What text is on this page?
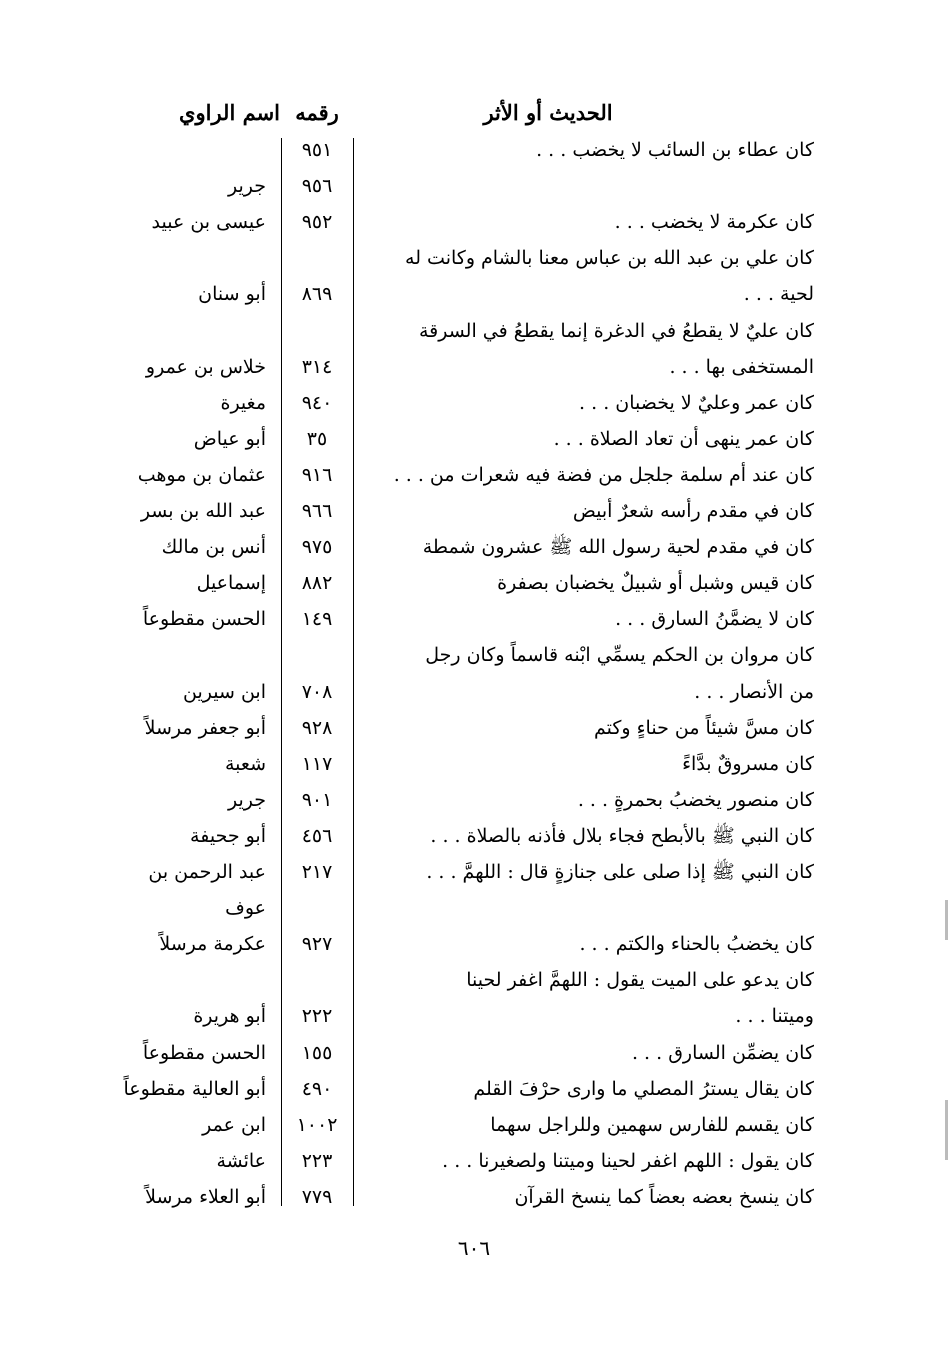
الحديث أو الأثر
رقمه
اسم الراوي
كان عطاء بن السائب لا يخضب . . .
٩٥١
٩٥٦
جرير
كان عكرمة لا يخضب . . .
٩٥٢
عيسى بن عبيد
كان علي بن عبد الله بن عباس معنا بالشام وكانت له
لحية . . .
٨٦٩
أبو سنان
كان عليٌ لا يقطعُ في الدغرة إنما يقطعُ في السرقة
المستخفى بها . . .
٣١٤
خلاس بن عمرو
كان عمر وعليٌ لا يخضبان . . .
٩٤٠
مغيرة
كان عمر ينهى أن تعاد الصلاة . . .
٣٥
أبو عياض
كان عند أم سلمة جلجل من فضة فيه شعرات من . . .
٩١٦
عثمان بن موهب
كان في مقدم رأسه شعرٌ أبيض
٩٦٦
عبد الله بن بسر
كان في مقدم لحية رسول الله ﷺ عشرون شمطة
٩٧٥
أنس بن مالك
كان قيس وشبل أو شبيلٌ يخضبان بصفرة
٨٨٢
إسماعيل
كان لا يضمَّنُ السارق . . .
١٤٩
الحسن مقطوعاً
كان مروان بن الحكم يسمِّي ابْنه قاسماً وكان رجل
من الأنصار . . .
٧٠٨
ابن سيرين
كان مسَّ شيئاً من حناءٍ وكتم
٩٢٨
أبو جعفر مرسلاً
كان مسروقٌ بدَّاءً
١١٧
شعبة
كان منصور يخضبُ بحمرةٍ . . .
٩٠١
جرير
كان النبي ﷺ بالأبطح فجاء بلال فأذنه بالصلاة . . .
٤٥٦
أبو جحيفة
كان النبي ﷺ إذا صلى على جنازةٍ قال : اللهمَّ . . .
٢١٧
عبد الرحمن بن
عوف
كان يخضبُ بالحناء والكتم . . .
٩٢٧
عكرمة مرسلاً
كان يدعو على الميت يقول : اللهمَّ اغفر لحينا
وميتنا . . .
٢٢٢
أبو هريرة
كان يضمِّن السارق . . .
١٥٥
الحسن مقطوعاً
كان يقال يسترُ المصلي ما وارى حرْفَ القلم
٤٩٠
أبو العالية مقطوعاً
كان يقسم للفارس سهمين وللراجل سهما
١٠٠٢
ابن عمر
كان يقول : اللهم اغفر لحينا وميتنا ولصغيرنا . . .
٢٢٣
عائشة
كان ينسخ بعضه بعضاً كما ينسخ القرآن
٧٧٩
أبو العلاء مرسلاً
٦٠٦
